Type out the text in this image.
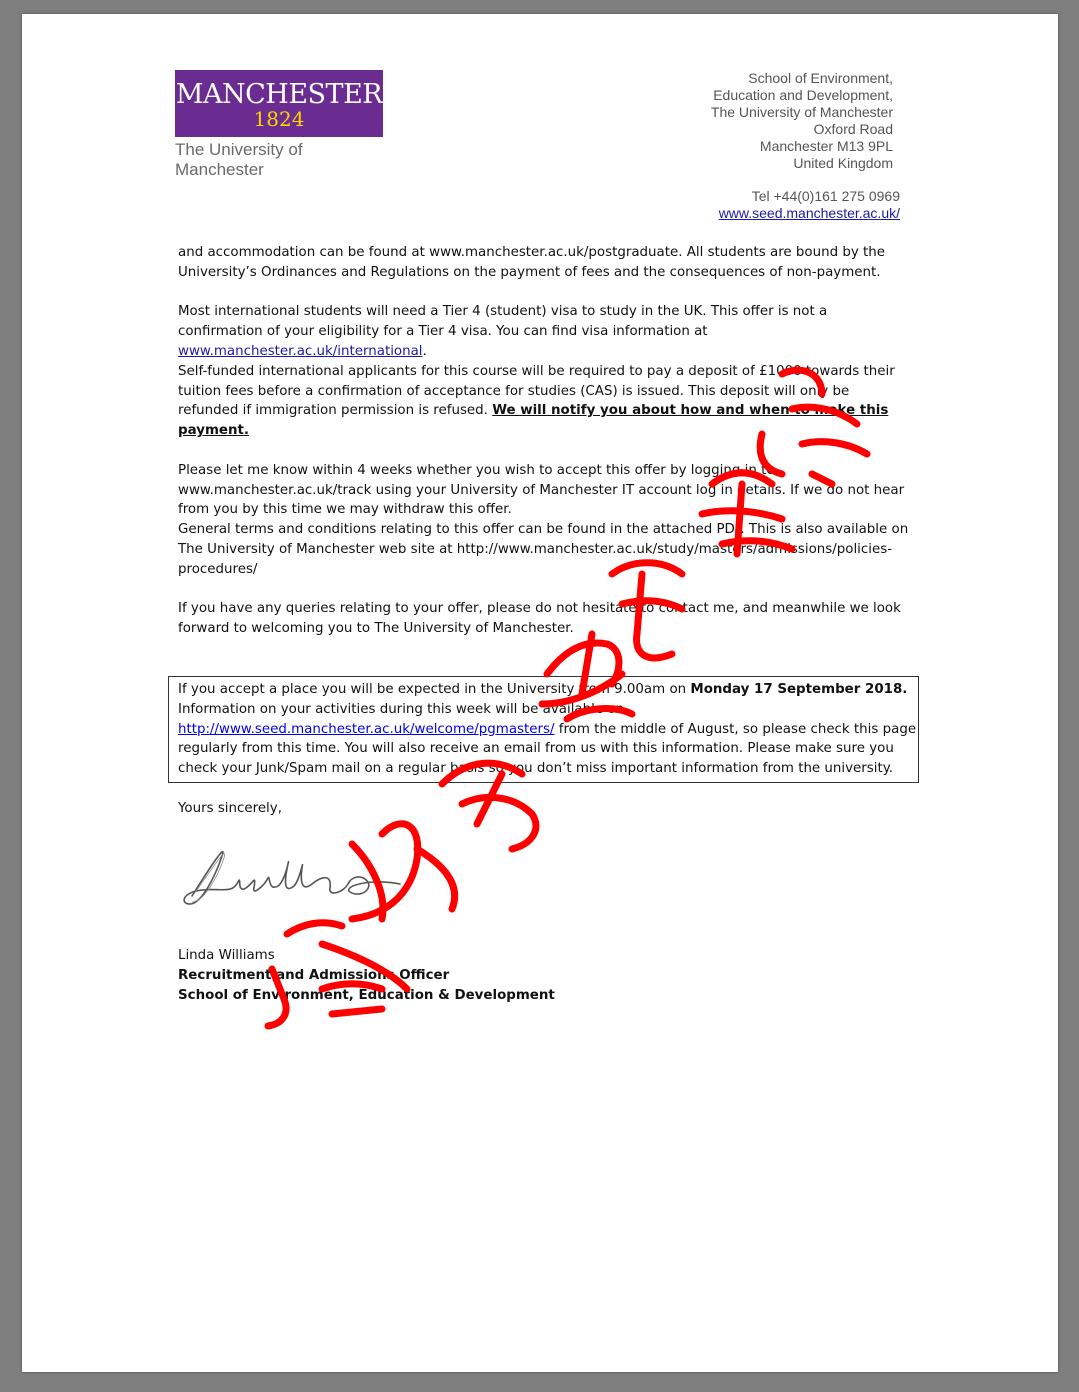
MANCHESTER
1824
The University of Manchester
School of Environment,
Education and Development,
The University of Manchester
Oxford Road
Manchester M13 9PL
United Kingdom
Tel +44(0)161 275 0969
www.seed.manchester.ac.uk/

and accommodation can be found at www.manchester.ac.uk/postgraduate. All students are bound by the University’s Ordinances and Regulations on the payment of fees and the consequences of non-payment.

Most international students will need a Tier 4 (student) visa to study in the UK. This offer is not a confirmation of your eligibility for a Tier 4 visa. You can find visa information at www.manchester.ac.uk/international.
Self-funded international applicants for this course will be required to pay a deposit of £1000 towards their tuition fees before a confirmation of acceptance for studies (CAS) is issued. This deposit will only be refunded if immigration permission is refused. We will notify you about how and when to make this payment.

Please let me know within 4 weeks whether you wish to accept this offer by logging in to www.manchester.ac.uk/track using your University of Manchester IT account log in details. If we do not hear from you by this time we may withdraw this offer.
General terms and conditions relating to this offer can be found in the attached PDF. This is also available on The University of Manchester web site at http://www.manchester.ac.uk/study/masters/admissions/policies-procedures/

If you have any queries relating to your offer, please do not hesitate to contact me, and meanwhile we look forward to welcoming you to The University of Manchester.

If you accept a place you will be expected in the University from 9.00am on Monday 17 September 2018.
Information on your activities during this week will be available on
http://www.seed.manchester.ac.uk/welcome/pgmasters/ from the middle of August, so please check this page regularly from this time. You will also receive an email from us with this information. Please make sure you check your Junk/Spam mail on a regular basis so you don’t miss important information from the university.
Yours sincerely,
Linda Williams
Recruitment and Admissions Officer
School of Environment, Education & Development
